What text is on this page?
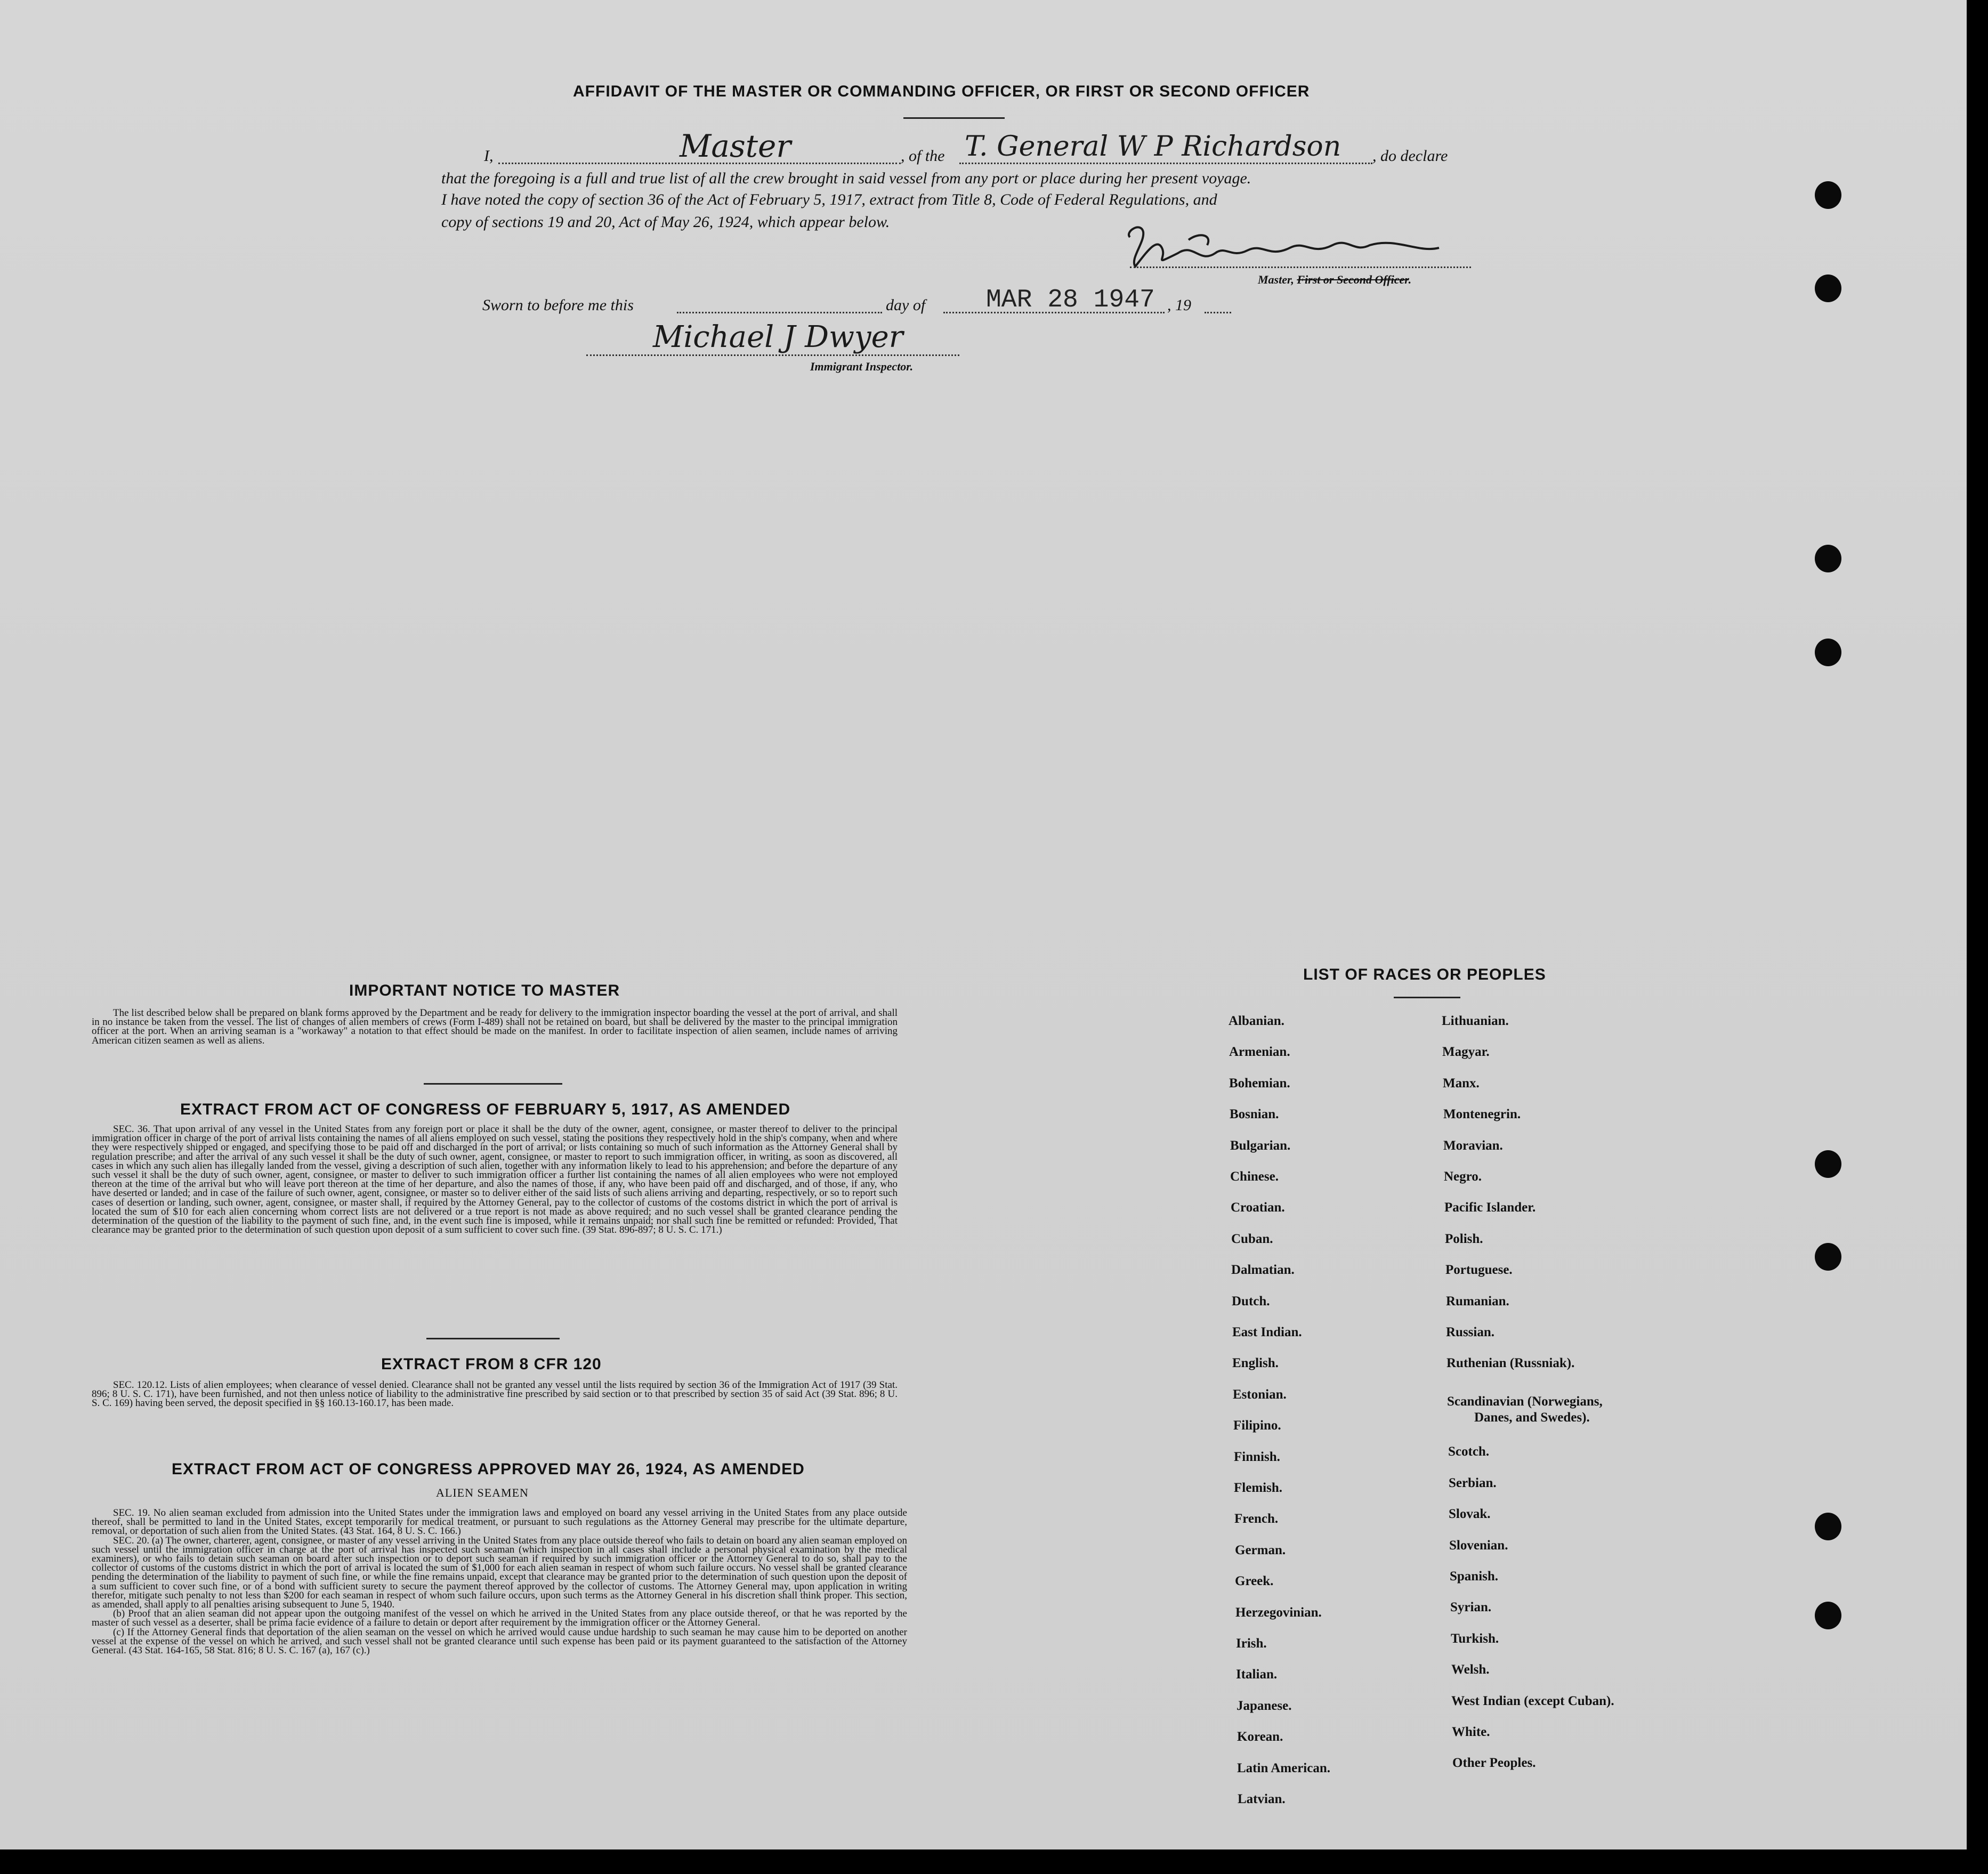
AFFIDAVIT OF THE MASTER OR COMMANDING OFFICER, OR FIRST OR SECOND OFFICER
I,	Master	, of the T. General W P Richardson , do declare
that the foregoing is a full and true list of all the crew brought in said vessel from any port or place during her present voyage.
I have noted the copy of section 36 of the Act of February 5, 1917, extract from Title 8, Code of Federal Regulations, and
copy of sections 19 and 20, Act of May 26, 1924, which appear below.
Master, First or Second Officer.
Sworn to before me this	day of MAR 28 1947 , 19
Michael J Dwyer
Immigrant Inspector.
IMPORTANT NOTICE TO MASTER

The list described below shall be prepared on blank forms approved by the Department and be ready for delivery to the immigration inspector boarding the vessel at the port of arrival, and shall in no instance be taken from the vessel. The list of changes of alien members of crews (Form I-489) shall not be retained on board, but shall be delivered by the master to the principal immigration officer at the port. When an arriving seaman is a "workaway" a notation to that effect should be made on the manifest. In order to facilitate inspection of alien seamen, include names of arriving American citizen seamen as well as aliens.

EXTRACT FROM ACT OF CONGRESS OF FEBRUARY 5, 1917, AS AMENDED

SEC. 36. That upon arrival of any vessel in the United States from any foreign port or place it shall be the duty of the owner, agent, consignee, or master thereof to deliver to the principal immigration officer in charge of the port of arrival lists containing the names of all aliens employed on such vessel, stating the positions they respectively hold in the ship's company, when and where they were respectively shipped or engaged, and specifying those to be paid off and discharged in the port of arrival; or lists containing so much of such information as the Attorney General shall by regulation prescribe; and after the arrival of any such vessel it shall be the duty of such owner, agent, consignee, or master to report to such immigration officer, in writing, as soon as discovered, all cases in which any such alien has illegally landed from the vessel, giving a description of such alien, together with any information likely to lead to his apprehension; and before the departure of any such vessel it shall be the duty of such owner, agent, consignee, or master to deliver to such immigration officer a further list containing the names of all alien employees who were not employed thereon at the time of the arrival but who will leave port thereon at the time of her departure, and also the names of those, if any, who have been paid off and discharged, and of those, if any, who have deserted or landed; and in case of the failure of such owner, agent, consignee, or master so to deliver either of the said lists of such aliens arriving and departing, respectively, or so to report such cases of desertion or landing, such owner, agent, consignee, or master shall, if required by the Attorney General, pay to the collector of customs of the costoms district in which the port of arrival is located the sum of $10 for each alien concerning whom correct lists are not delivered or a true report is not made as above required; and no such vessel shall be granted clearance pending the determination of the question of the liability to the payment of such fine, and, in the event such fine is imposed, while it remains unpaid; nor shall such fine be remitted or refunded: Provided, That clearance may be granted prior to the determination of such question upon deposit of a sum sufficient to cover such fine. (39 Stat. 896-897; 8 U. S. C. 171.)

EXTRACT FROM 8 CFR 120

SEC. 120.12. Lists of alien employees; when clearance of vessel denied. Clearance shall not be granted any vessel until the lists required by section 36 of the Immigration Act of 1917 (39 Stat. 896; 8 U. S. C. 171), have been furnished, and not then unless notice of liability to the administrative fine prescribed by said section or to that prescribed by section 35 of said Act (39 Stat. 896; 8 U. S. C. 169) having been served, the deposit specified in §§ 160.13-160.17, has been made.

EXTRACT FROM ACT OF CONGRESS APPROVED MAY 26, 1924, AS AMENDED
ALIEN SEAMEN

SEC. 19. No alien seaman excluded from admission into the United States under the immigration laws and employed on board any vessel arriving in the United States from any place outside thereof, shall be permitted to land in the United States, except temporarily for medical treatment, or pursuant to such regulations as the Attorney General may prescribe for the ultimate departure, removal, or deportation of such alien from the United States. (43 Stat. 164, 8 U. S. C. 166.)

SEC. 20. (a) The owner, charterer, agent, consignee, or master of any vessel arriving in the United States from any place outside thereof who fails to detain on board any alien seaman employed on such vessel until the immigration officer in charge at the port of arrival has inspected such seaman (which inspection in all cases shall include a personal physical examination by the medical examiners), or who fails to detain such seaman on board after such inspection or to deport such seaman if required by such immigration officer or the Attorney General to do so, shall pay to the collector of customs of the customs district in which the port of arrival is located the sum of $1,000 for each alien seaman in respect of whom such failure occurs. No vessel shall be granted clearance pending the determination of the liability to payment of such fine, or while the fine remains unpaid, except that clearance may be granted prior to the determination of such question upon the deposit of a sum sufficient to cover such fine, or of a bond with sufficient surety to secure the payment thereof approved by the collector of customs. The Attorney General may, upon application in writing therefor, mitigate such penalty to not less than $200 for each seaman in respect of whom such failure occurs, upon such terms as the Attorney General in his discretion shall think proper. This section, as amended, shall apply to all penalties arising subsequent to June 5, 1940.

(b) Proof that an alien seaman did not appear upon the outgoing manifest of the vessel on which he arrived in the United States from any place outside thereof, or that he was reported by the master of such vessel as a deserter, shall be prima facie evidence of a failure to detain or deport after requirement by the immigration officer or the Attorney General.

(c) If the Attorney General finds that deportation of the alien seaman on the vessel on which he arrived would cause undue hardship to such seaman he may cause him to be deported on another vessel at the expense of the vessel on which he arrived, and such vessel shall not be granted clearance until such expense has been paid or its payment guaranteed to the satisfaction of the Attorney General. (43 Stat. 164-165, 58 Stat. 816; 8 U. S. C. 167 (a), 167 (c).)

LIST OF RACES OR PEOPLES
Albanian.
Armenian.
Bohemian.
Bosnian.
Bulgarian.
Chinese.
Croatian.
Cuban.
Dalmatian.
Dutch.
East Indian.
English.
Estonian.
Filipino.
Finnish.
Flemish.
French.
German.
Greek.
Herzegovinian.
Irish.
Italian.
Japanese.
Korean.
Latin American.
Latvian.
Lithuanian.
Magyar.
Manx.
Montenegrin.
Moravian.
Negro.
Pacific Islander.
Polish.
Portuguese.
Rumanian.
Russian.
Ruthenian (Russniak).
Scandinavian (Norwegians,
Danes, and Swedes).
Scotch.
Serbian.
Slovak.
Slovenian.
Spanish.
Syrian.
Turkish.
Welsh.
West Indian (except Cuban).
White.
Other Peoples.
